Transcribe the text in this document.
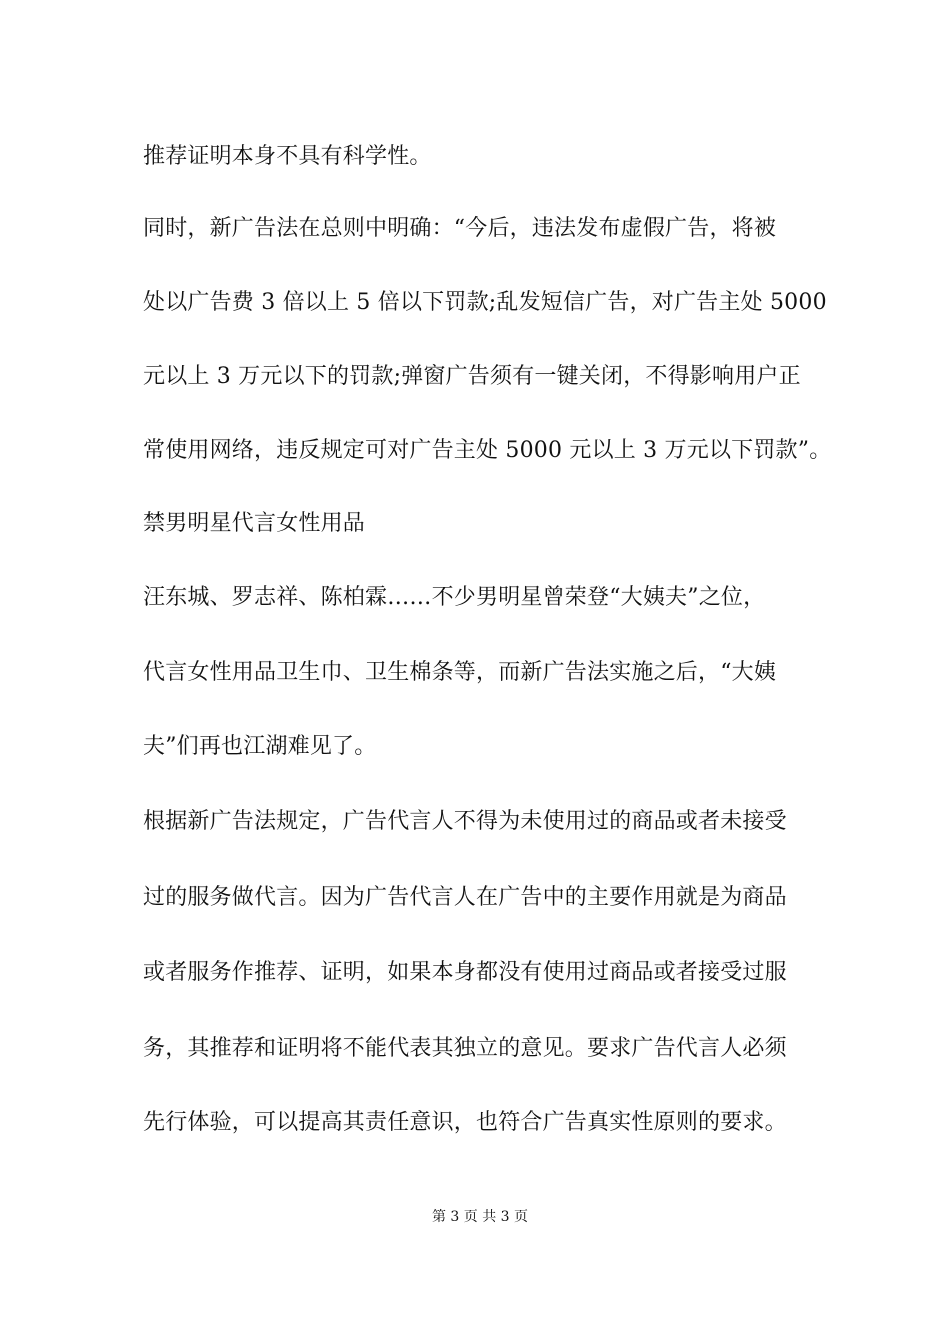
推荐证明本身不具有科学性。
同时，新广告法在总则中明确：“今后，违法发布虚假广告，将被
处以广告费 3 倍以上 5 倍以下罚款;乱发短信广告，对广告主处 5000
元以上 3 万元以下的罚款;弹窗广告须有一键关闭，不得影响用户正
常使用网络，违反规定可对广告主处 5000 元以上 3 万元以下罚款”。
禁男明星代言女性用品
汪东城、罗志祥、陈柏霖……不少男明星曾荣登“大姨夫”之位，
代言女性用品卫生巾、卫生棉条等，而新广告法实施之后，“大姨
夫”们再也江湖难见了。
根据新广告法规定，广告代言人不得为未使用过的商品或者未接受
过的服务做代言。因为广告代言人在广告中的主要作用就是为商品
或者服务作推荐、证明，如果本身都没有使用过商品或者接受过服
务，其推荐和证明将不能代表其独立的意见。要求广告代言人必须
先行体验，可以提高其责任意识，也符合广告真实性原则的要求。
第 3 页 共 3 页
